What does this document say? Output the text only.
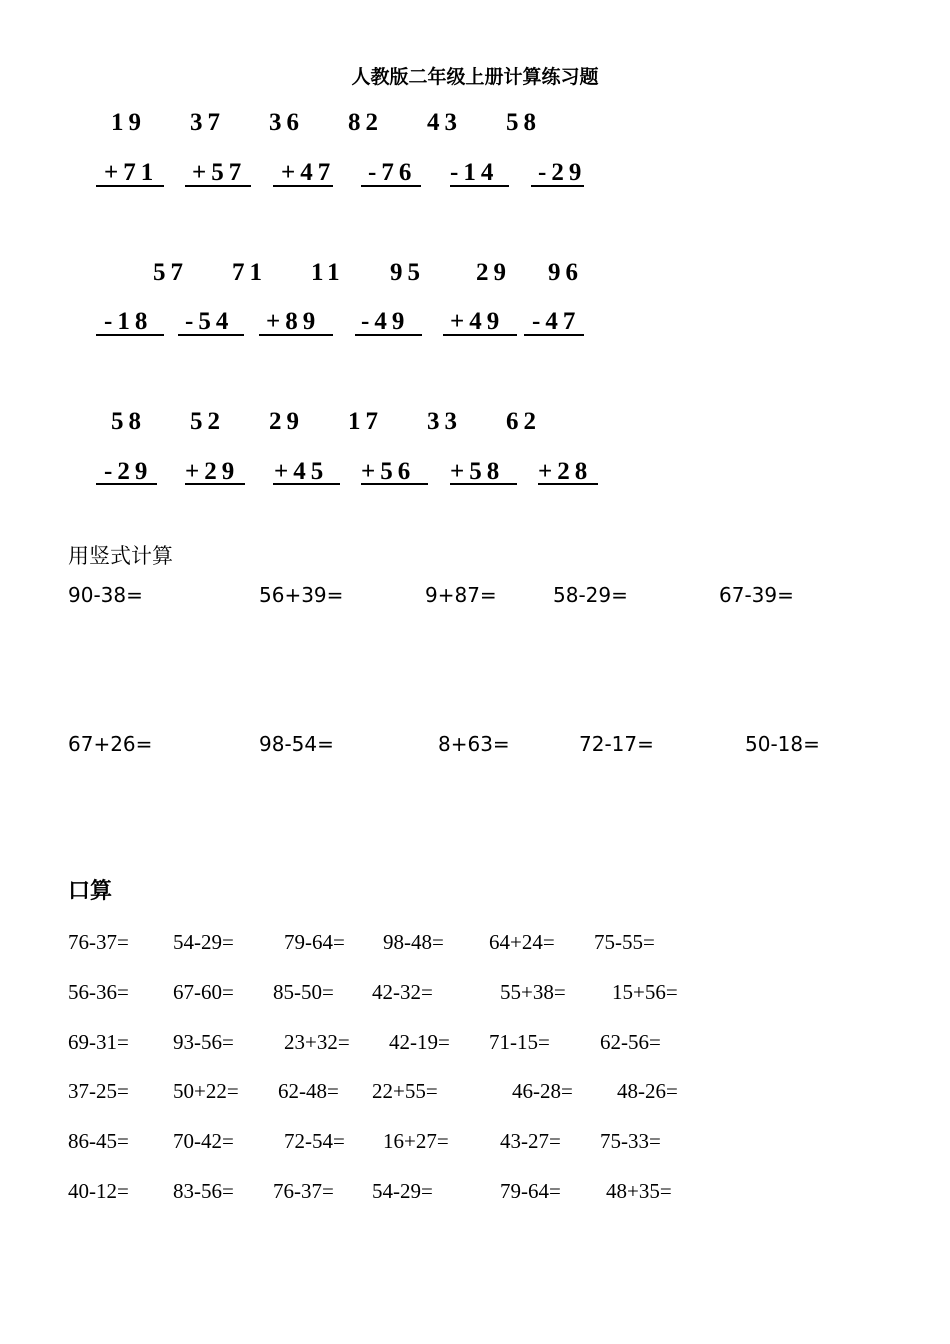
人教版二年级上册计算练习题
19 37 36 82 43 58
+71 +57 +47 -76 -14 -29
57 71 11 95 29 96
-18 -54 +89 -49 +49 -47
58 52 29 17 33 62
-29 +29 +45 +56 +58 +28
用竖式计算
90-38=	56+39=	9+87=	58-29=	67-39=
67+26=	98-54=	8+63=	72-17=	50-18=
口算
76-37= 54-29= 79-64= 98-48= 64+24= 75-55=
56-36= 67-60= 85-50= 42-32=	55+38= 15+56=
69-31= 93-56= 23+32= 42-19= 71-15= 62-56=
37-25= 50+22= 62-48= 22+55=	46-28= 48-26=
86-45= 70-42= 72-54= 16+27= 43-27= 75-33=
40-12= 83-56= 76-37= 54-29=	79-64= 48+35=
